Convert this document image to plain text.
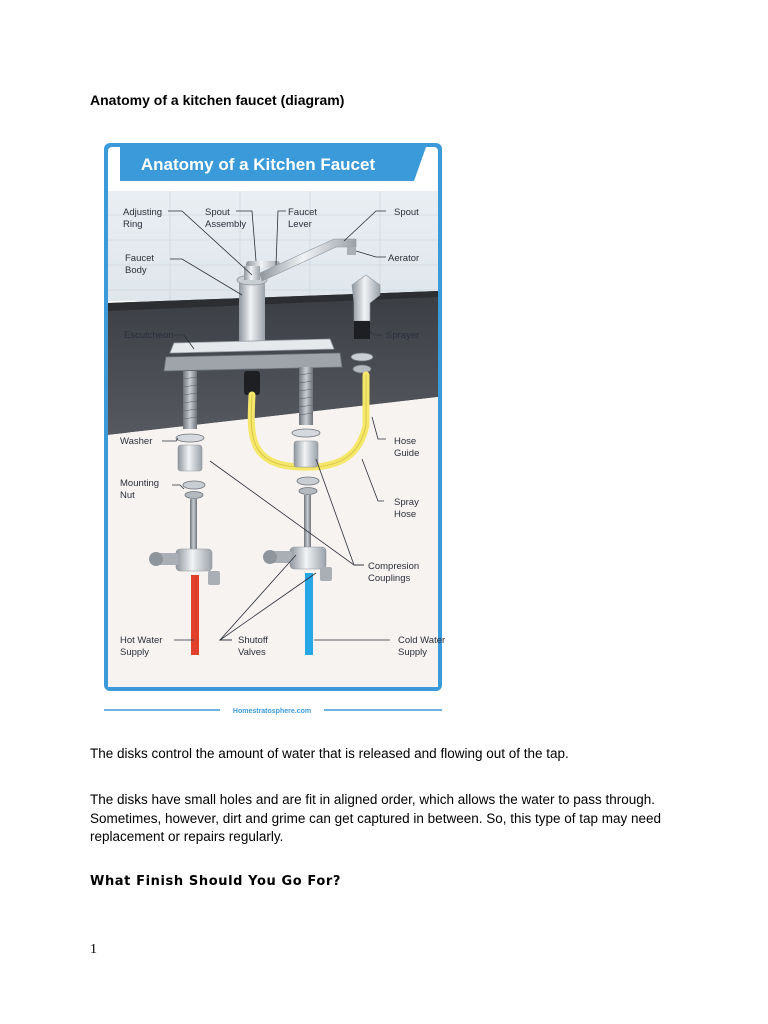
Anatomy of a kitchen faucet (diagram)
Anatomy of a Kitchen Faucet
Adjusting Ring
Spout Assembly
Faucet Lever
Spout
Aerator
Faucet Body
Escutcheon	Sprayer
Washer	Hose Guide
Mounting Nut
Spray Hose
Compresion Couplings
Hot Water Supply
Shutoff Valves
Cold Water Supply
Homestratosphere.com
The disks control the amount of water that is released and flowing out of the tap.
The disks have small holes and are fit in aligned order, which allows the water to pass through.
Sometimes, however, dirt and grime can get captured in between. So, this type of tap may need
replacement or repairs regularly.
What Finish Should You Go For?
1
